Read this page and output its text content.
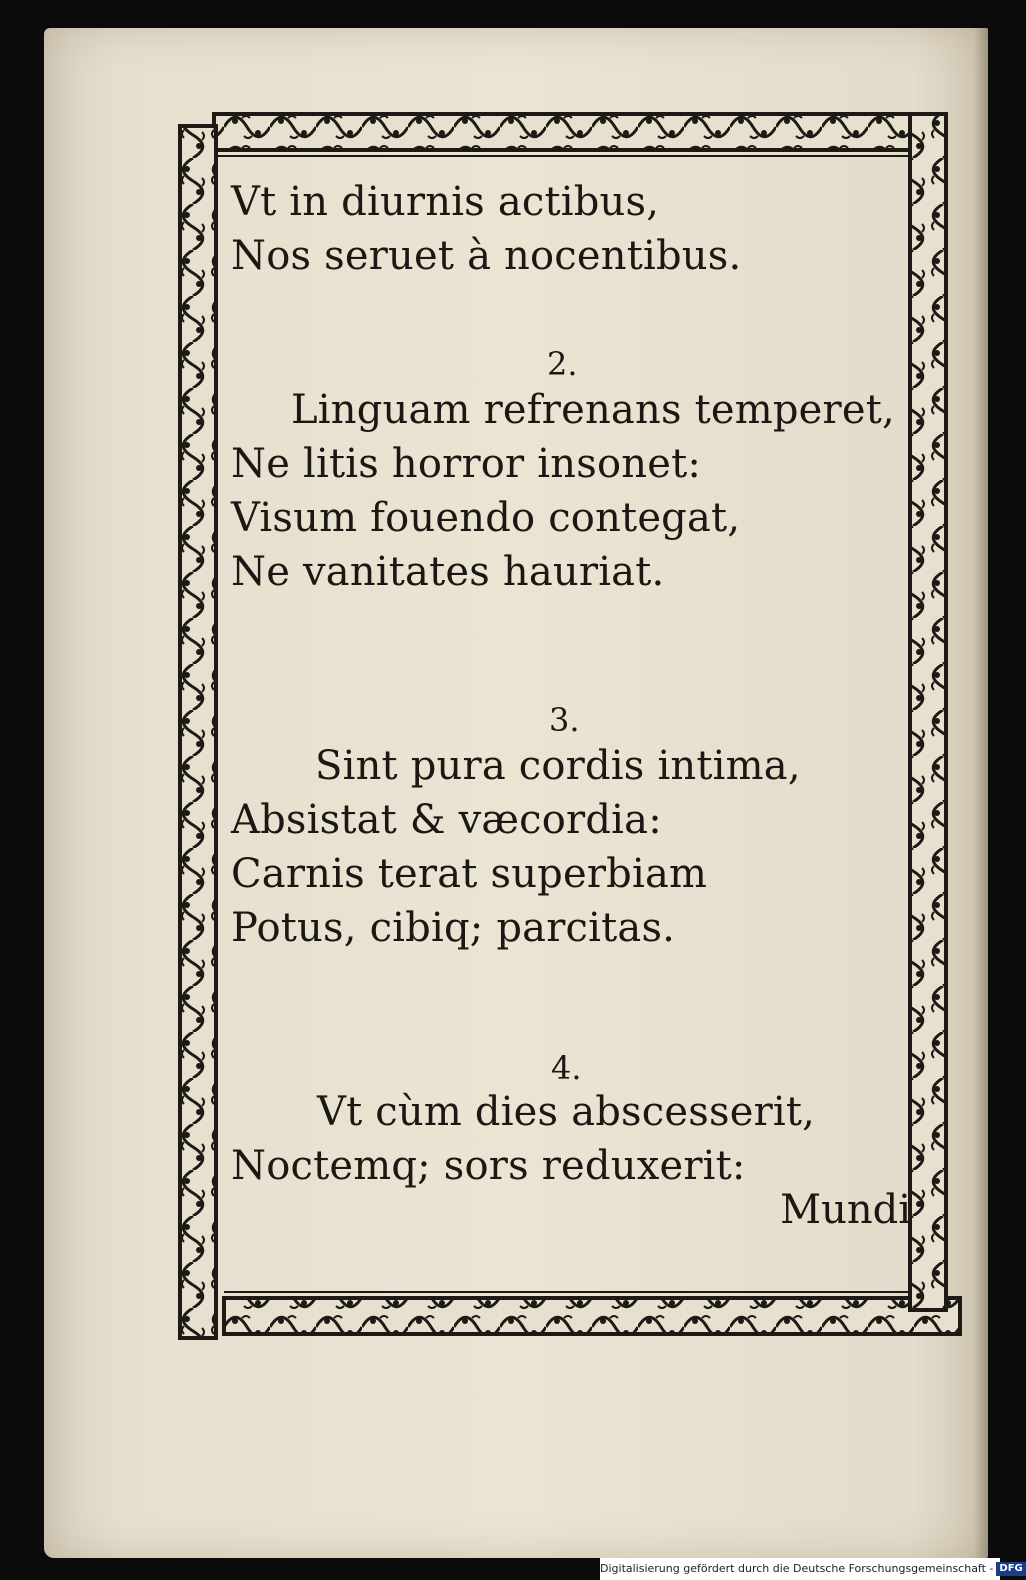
Vt in diurnis actibus,
Nos seruet à nocentibus.
2.
Linguam refrenans temperet,
Ne litis horror insonet:
Visum fouendo contegat,
Ne vanitates hauriat.
3.
Sint pura cordis intima,
Absistat & væcordia:
Carnis terat superbiam
Potus, cibiq; parcitas.
4.
Vt cùm dies abscesserit,
Noctemq; sors reduxerit:
Mundi
Digitalisierung gefördert durch die Deutsche Forschungsgemeinschaft - DFG
